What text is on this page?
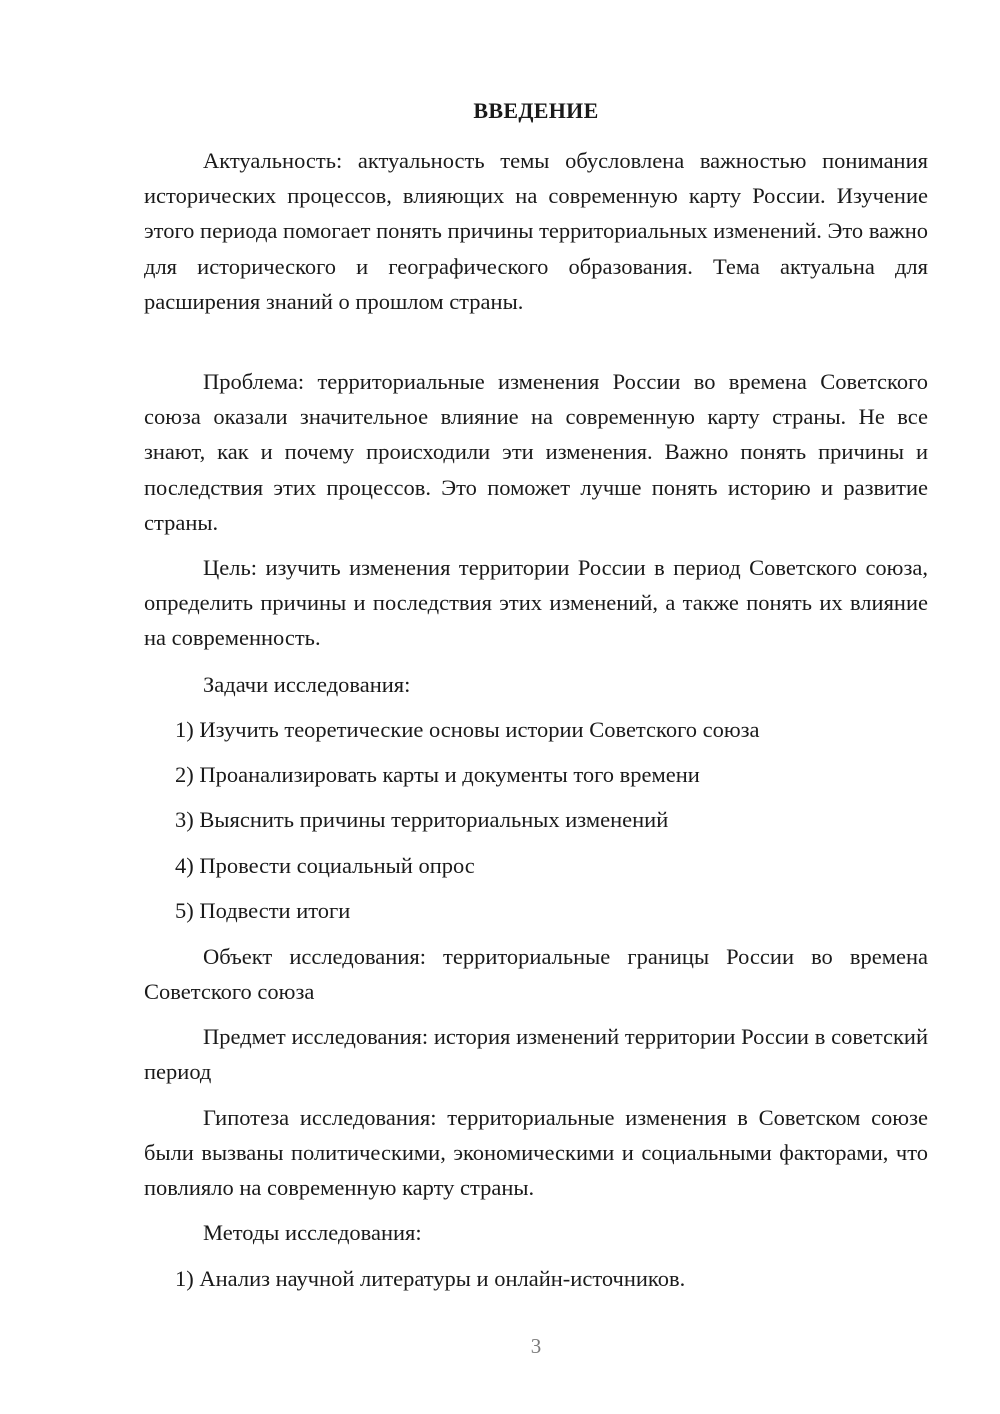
ВВЕДЕНИЕ

Актуальность: актуальность темы обусловлена важностью понимания исторических процессов, влияющих на современную карту России. Изучение этого периода помогает понять причины территориальных изменений. Это важно для исторического и географического образования. Тема актуальна для расширения знаний о прошлом страны.

Проблема: территориальные изменения России во времена Советского союза оказали значительное влияние на современную карту страны. Не все знают, как и почему происходили эти изменения. Важно понять причины и последствия этих процессов. Это поможет лучше понять историю и развитие страны.

Цель: изучить изменения территории России в период Советского союза, определить причины и последствия этих изменений, а также понять их влияние на современность.

Задачи исследования:

1) Изучить теоретические основы истории Советского союза

2) Проанализировать карты и документы того времени

3) Выяснить причины территориальных изменений

4) Провести социальный опрос

5) Подвести итоги

Объект исследования: территориальные границы России во времена Советского союза

Предмет исследования: история изменений территории России в советский период

Гипотеза исследования: территориальные изменения в Советском союзе были вызваны политическими, экономическими и социальными факторами, что повлияло на современную карту страны.

Методы исследования:

1) Анализ научной литературы и онлайн-источников.

3
